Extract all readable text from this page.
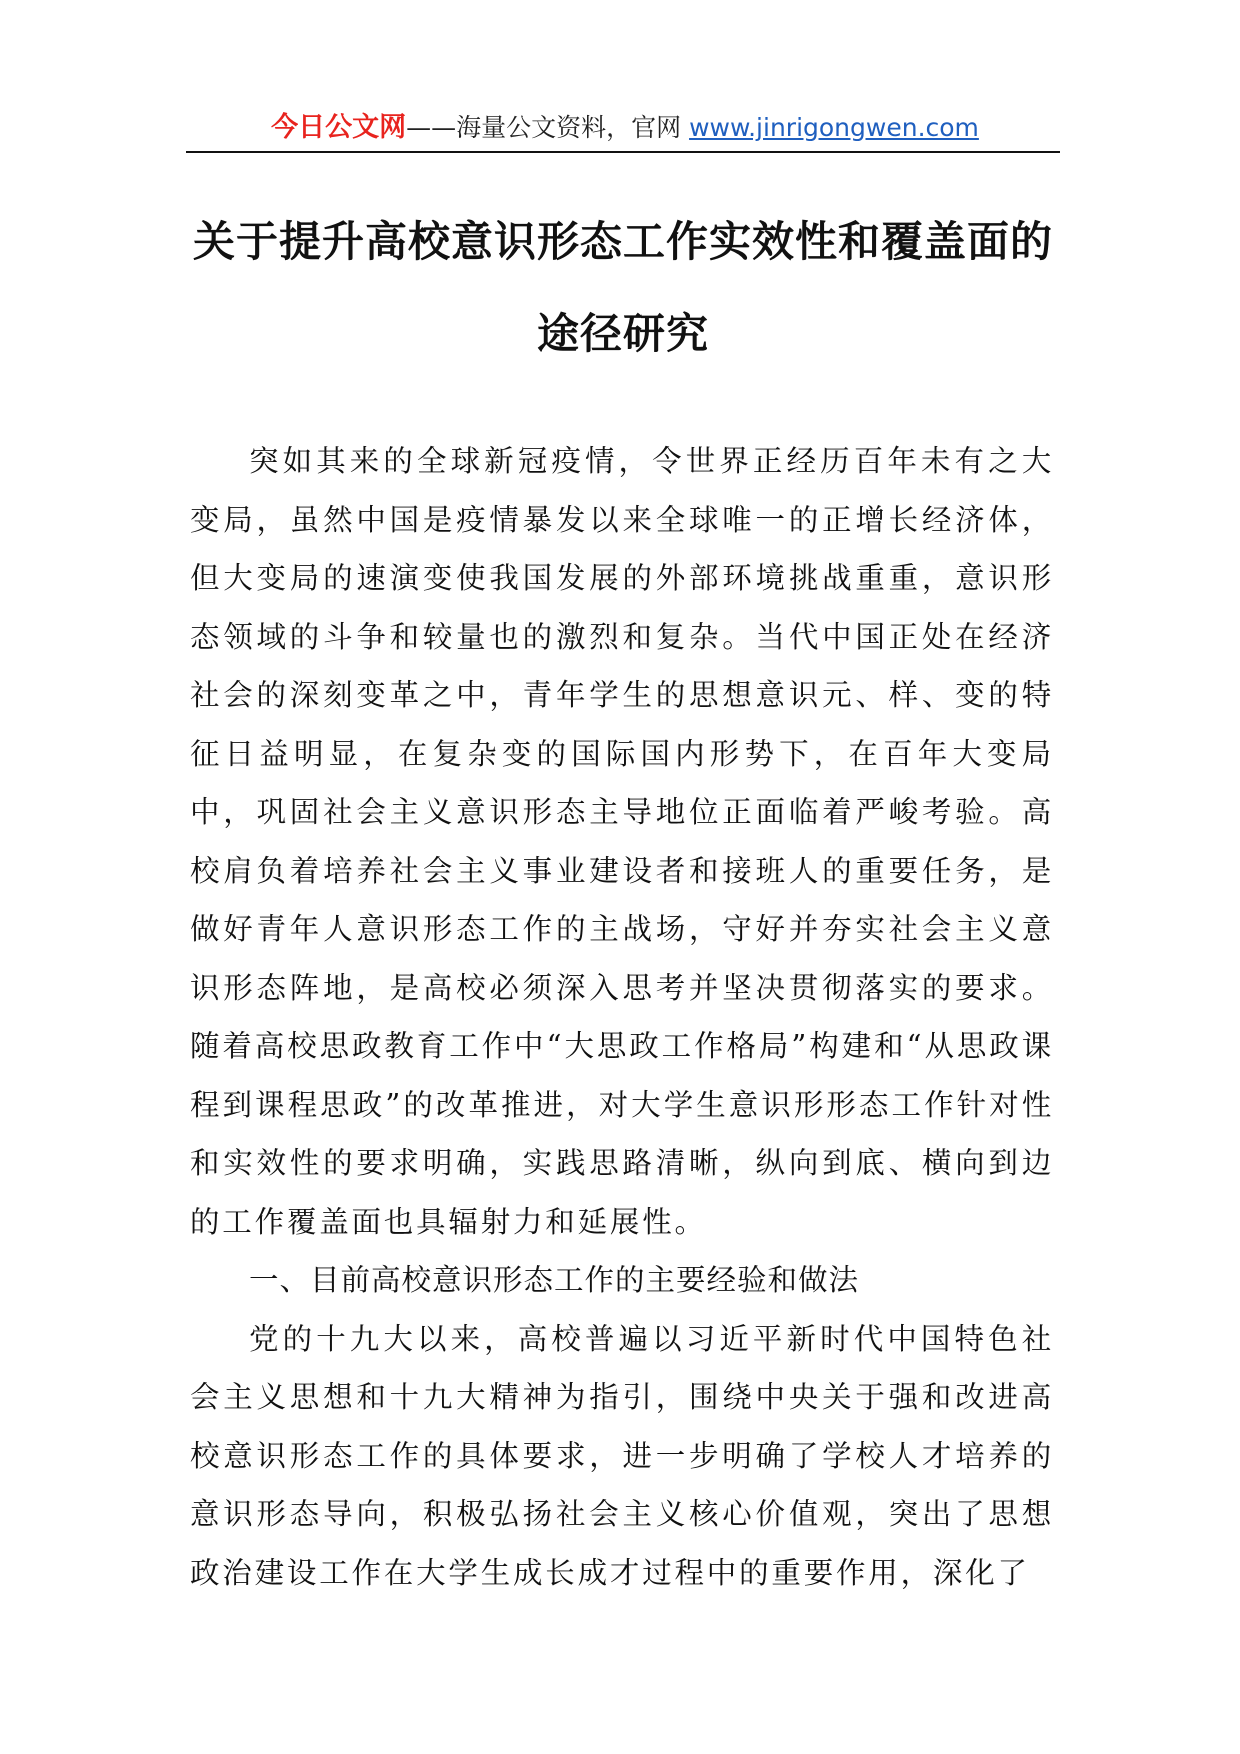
今日公文网——海量公文资料，官网 www.jinrigongwen.com
关于提升高校意识形态工作实效性和覆盖面的途径研究

突如其来的全球新冠疫情，令世界正经历百年未有之大变局，虽然中国是疫情暴发以来全球唯一的正增长经济体，但大变局的速演变使我国发展的外部环境挑战重重，意识形态领域的斗争和较量也的激烈和复杂。当代中国正处在经济社会的深刻变革之中，青年学生的思想意识元、样、变的特征日益明显，在复杂变的国际国内形势下，在百年大变局中，巩固社会主义意识形态主导地位正面临着严峻考验。高校肩负着培养社会主义事业建设者和接班人的重要任务，是做好青年人意识形态工作的主战场，守好并夯实社会主义意识形态阵地，是高校必须深入思考并坚决贯彻落实的要求。随着高校思政教育工作中“大思政工作格局”构建和“从思政课程到课程思政”的改革推进，对大学生意识形形态工作针对性和实效性的要求明确，实践思路清晰，纵向到底、横向到边的工作覆盖面也具辐射力和延展性。

一、目前高校意识形态工作的主要经验和做法

党的十九大以来，高校普遍以习近平新时代中国特色社会主义思想和十九大精神为指引，围绕中央关于强和改进高校意识形态工作的具体要求，进一步明确了学校人才培养的意识形态导向，积极弘扬社会主义核心价值观，突出了思想政治建设工作在大学生成长成才过程中的重要作用，深化了
